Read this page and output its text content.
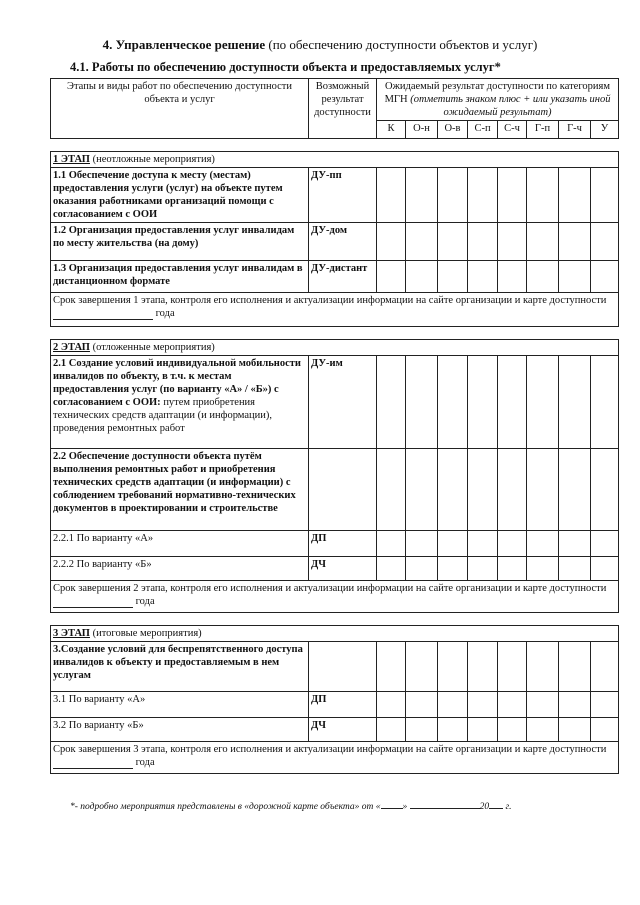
4. Управленческое решение (по обеспечению доступности объектов и услуг)
4.1. Работы по обеспечению доступности объекта и предоставляемых услуг*
Этапы и виды работ по обеспечению доступности объекта и услуг	Возможный результат доступности	Ожидаемый результат доступности по категориям МГН (отметить знаком плюс + или указать иной ожидаемый результат)							
		К	О-н	О-в	С-п	С-ч	Г-п	Г-ч	У

1 ЭТАП (неотложные мероприятия)									
1.1 Обеспечение доступа к месту (местам) предоставления услуги (услуг) на объекте путем оказания работниками организаций помощи с согласованием с ООИ	ДУ-пп								
1.2 Организация предоставления услуг инвалидам по месту жительства (на дому)	ДУ-дом								
1.3 Организация предоставления услуг инвалидам в дистанционном формате	ДУ-дистант								
Срок завершения 1 этапа, контроля его исполнения и актуализации информации на сайте организации и карте доступности  года									

2 ЭТАП (отложенные мероприятия)									
2.1 Создание условий индивидуальной мобильности инвалидов по объекту, в т.ч. к местам предоставления услуг (по варианту «А» / «Б») с согласованием с ООИ: путем приобретения технических средств адаптации (и информации), проведения ремонтных работ	ДУ-им								
2.2 Обеспечение доступности объекта путём выполнения ремонтных работ и приобретения технических средств адаптации (и информации) с соблюдением требований нормативно-технических документов в проектировании и строительстве									
2.2.1 По варианту «А»	ДП								
2.2.2 По варианту «Б»	ДЧ								
Срок завершения 2 этапа, контроля его исполнения и актуализации информации на сайте организации и карте доступности  года									

3 ЭТАП (итоговые мероприятия)									
3.Создание условий для беспрепятственного доступа инвалидов к объекту и предоставляемым в нем услугам									
3.1 По варианту «А»	ДП								
3.2 По варианту «Б»	ДЧ								
Срок завершения 3 этапа, контроля его исполнения и актуализации информации на сайте организации и карте доступности  года									
*- подробно мероприятия представлены в «дорожной карте объекта» от « »	20 г.
